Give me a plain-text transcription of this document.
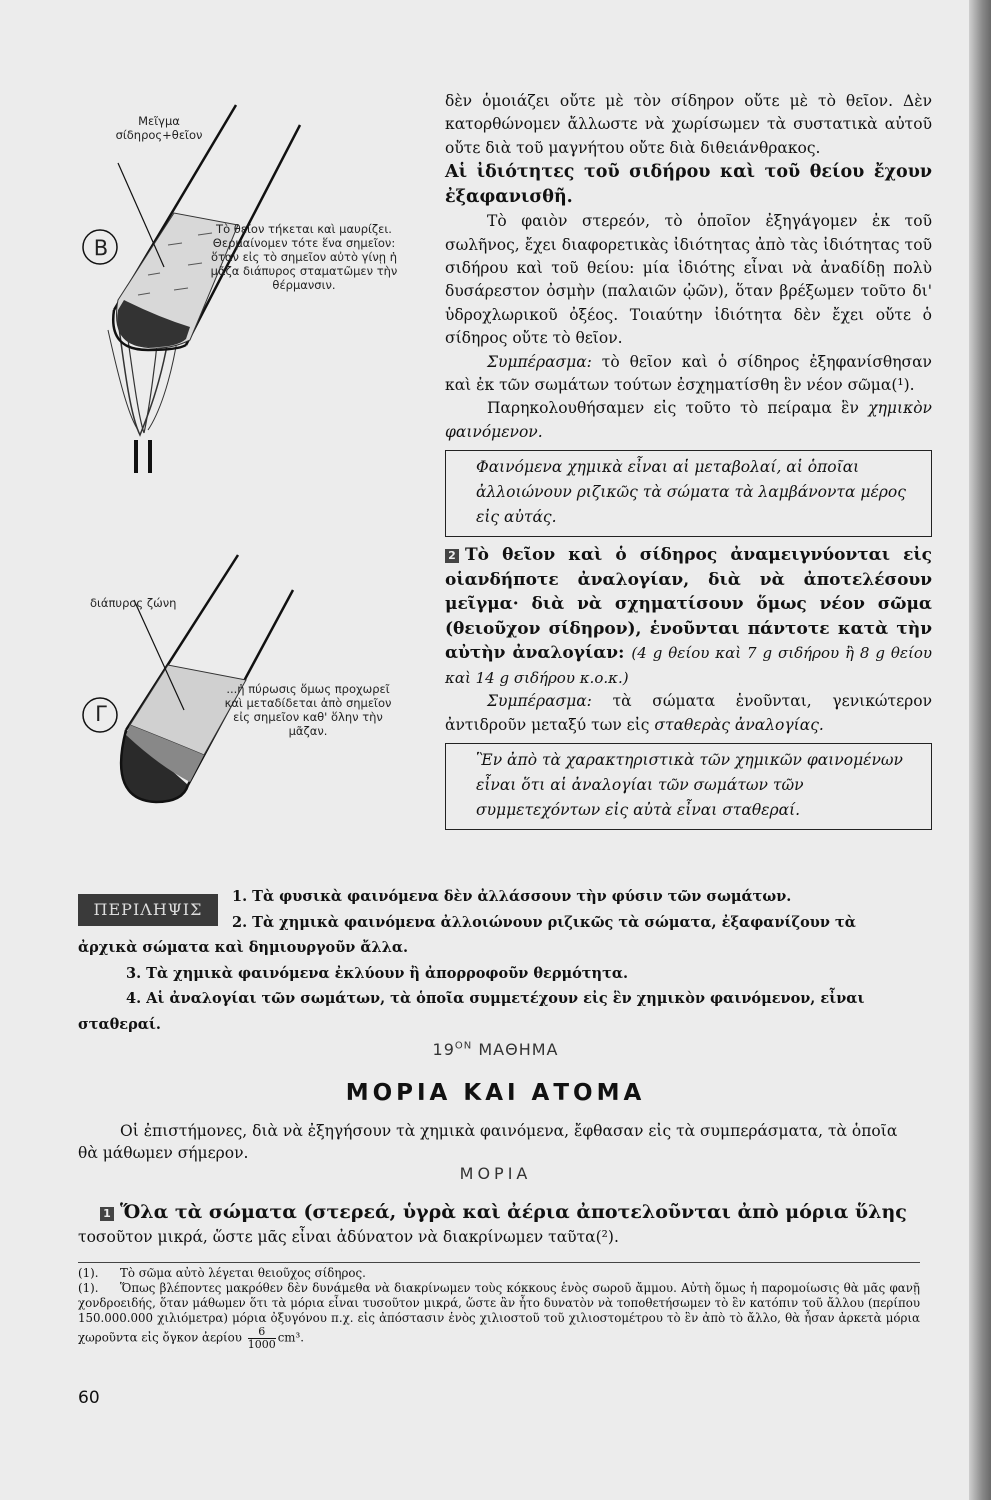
Β
Μεῖγμα σίδηρος+θεῖον
Τὸ θεῖον τήκεται καὶ μαυρίζει. Θερμαίνομεν τότε ἕνα σημεῖον: ὅταν εἰς τὸ σημεῖον αὐτὸ γίνῃ ἡ μᾶζα διάπυρος σταματῶμεν τὴν θέρμανσιν.
Γ
διάπυρος ζώνη
...ἡ πύρωσις ὅμως προχωρεῖ καὶ μεταδίδεται ἀπὸ σημεῖον εἰς σημεῖον καθ' ὅλην τὴν μᾶζαν.

δὲν ὁμοιάζει οὔτε μὲ τὸν σίδηρον οὔτε μὲ τὸ θεῖον. Δὲν κατορθώνομεν ἄλλωστε νὰ χωρίσωμεν τὰ συστατικὰ αὐτοῦ οὔτε διὰ τοῦ μαγνήτου οὔτε διὰ διθειάνθρακος.

Αἱ ἰδιότητες τοῦ σιδήρου καὶ τοῦ θείου ἔχουν ἐξαφανισθῆ.

Τὸ φαιὸν στερεόν, τὸ ὁποῖον ἐξηγάγομεν ἐκ τοῦ σωλῆνος, ἔχει διαφορετικὰς ἰδιότητας ἀπὸ τὰς ἰδιότητας τοῦ σιδήρου καὶ τοῦ θείου: μία ἰδιότης εἶναι νὰ ἀναδίδῃ πολὺ δυσάρεστον ὀσμὴν (παλαιῶν ᾠῶν), ὅταν βρέξωμεν τοῦτο δι' ὑδροχλωρικοῦ ὀξέος. Τοιαύτην ἰδιότητα δὲν ἔχει οὔτε ὁ σίδηρος οὔτε τὸ θεῖον.

Συμπέρασμα: τὸ θεῖον καὶ ὁ σίδηρος ἐξηφανίσθησαν καὶ ἐκ τῶν σωμάτων τούτων ἐσχηματίσθη ἓν νέον σῶμα(¹).

Παρηκολουθήσαμεν εἰς τοῦτο τὸ πείραμα ἓν χημικὸν φαινόμενον.

Φαινόμενα χημικὰ εἶναι αἱ μεταβολαί, αἱ ὁποῖαι ἀλλοιώνουν ριζικῶς τὰ σώματα τὰ λαμβάνοντα μέρος εἰς αὐτάς.

2 Τὸ θεῖον καὶ ὁ σίδηρος ἀναμειγνύονται εἰς οἱανδήποτε ἀναλογίαν, διὰ νὰ ἀποτελέσουν μεῖγμα· διὰ νὰ σχηματίσουν ὅμως νέον σῶμα (θειοῦχον σίδηρον), ἑνοῦνται πάντοτε κατὰ τὴν αὐτὴν ἀναλογίαν: (4 g θείου καὶ 7 g σιδήρου ἢ 8 g θείου καὶ 14 g σιδήρου κ.ο.κ.)

Συμπέρασμα: τὰ σώματα ἑνοῦνται, γενικώτερον ἀντιδροῦν μεταξύ των εἰς σταθερὰς ἀναλογίας.

Ἓν ἀπὸ τὰ χαρακτηριστικὰ τῶν χημικῶν φαινομένων εἶναι ὅτι αἱ ἀναλογίαι τῶν σωμάτων τῶν συμμετεχόντων εἰς αὐτὰ εἶναι σταθεραί.
ΠΕΡΙΛΗΨΙΣ
1. Τὰ φυσικὰ φαινόμενα δὲν ἀλλάσσουν τὴν φύσιν τῶν σωμάτων.
2. Τὰ χημικὰ φαινόμενα ἀλλοιώνουν ριζικῶς τὰ σώματα, ἐξαφανίζουν τὰ ἀρχικὰ σώματα καὶ δημιουργοῦν ἄλλα.
3. Τὰ χημικὰ φαινόμενα ἐκλύουν ἢ ἀπορροφοῦν θερμότητα.
4. Αἱ ἀναλογίαι τῶν σωμάτων, τὰ ὁποῖα συμμετέχουν εἰς ἓν χημικὸν φαινόμενον, εἶναι σταθεραί.
$19^{ON}$ ΜΑΘΗΜΑ
ΜΟΡΙΑ ΚΑΙ ΑΤΟΜΑ
Οἱ ἐπιστήμονες, διὰ νὰ ἐξηγήσουν τὰ χημικὰ φαινόμενα, ἔφθασαν εἰς τὰ συμπεράσματα, τὰ ὁποῖα θὰ μάθωμεν σήμερον.
ΜΟΡΙΑ
1 Ὅλα τὰ σώματα (στερεά, ὑγρὰ καὶ ἀέρια ἀποτελοῦνται ἀπὸ μόρια ὕλης
τοσοῦτον μικρά, ὥστε μᾶς εἶναι ἀδύνατον νὰ διακρίνωμεν ταῦτα(²).
(1). Τὸ σῶμα αὐτὸ λέγεται θειοῦχος σίδηρος.
(1). Ὅπως βλέποντες μακρόθεν δὲν δυνάμεθα νὰ διακρίνωμεν τοὺς κόκκους ἑνὸς σωροῦ ἄμμου. Αὐτὴ ὅμως ἡ παρομοίωσις θὰ μᾶς φανῇ χονδροειδής, ὅταν μάθωμεν ὅτι τὰ μόρια εἶναι τυσοῦτον μικρά, ὥστε ἂν ἦτο δυνατὸν νὰ τοποθετήσωμεν τὸ ἓν κατόπιν τοῦ ἄλλου (περίπου 150.000.000 χιλιόμετρα) μόρια ὀξυγόνου π.χ. εἰς ἀπόστασιν ἑνὸς χιλιοστοῦ τοῦ χιλιοστομέτρου τὸ ἓν ἀπὸ τὸ ἄλλο, θὰ ἦσαν ἀρκετὰ μόρια χωροῦντα εἰς ὄγκον ἀερίου $\frac{6}{1000} cm^3$.
60
